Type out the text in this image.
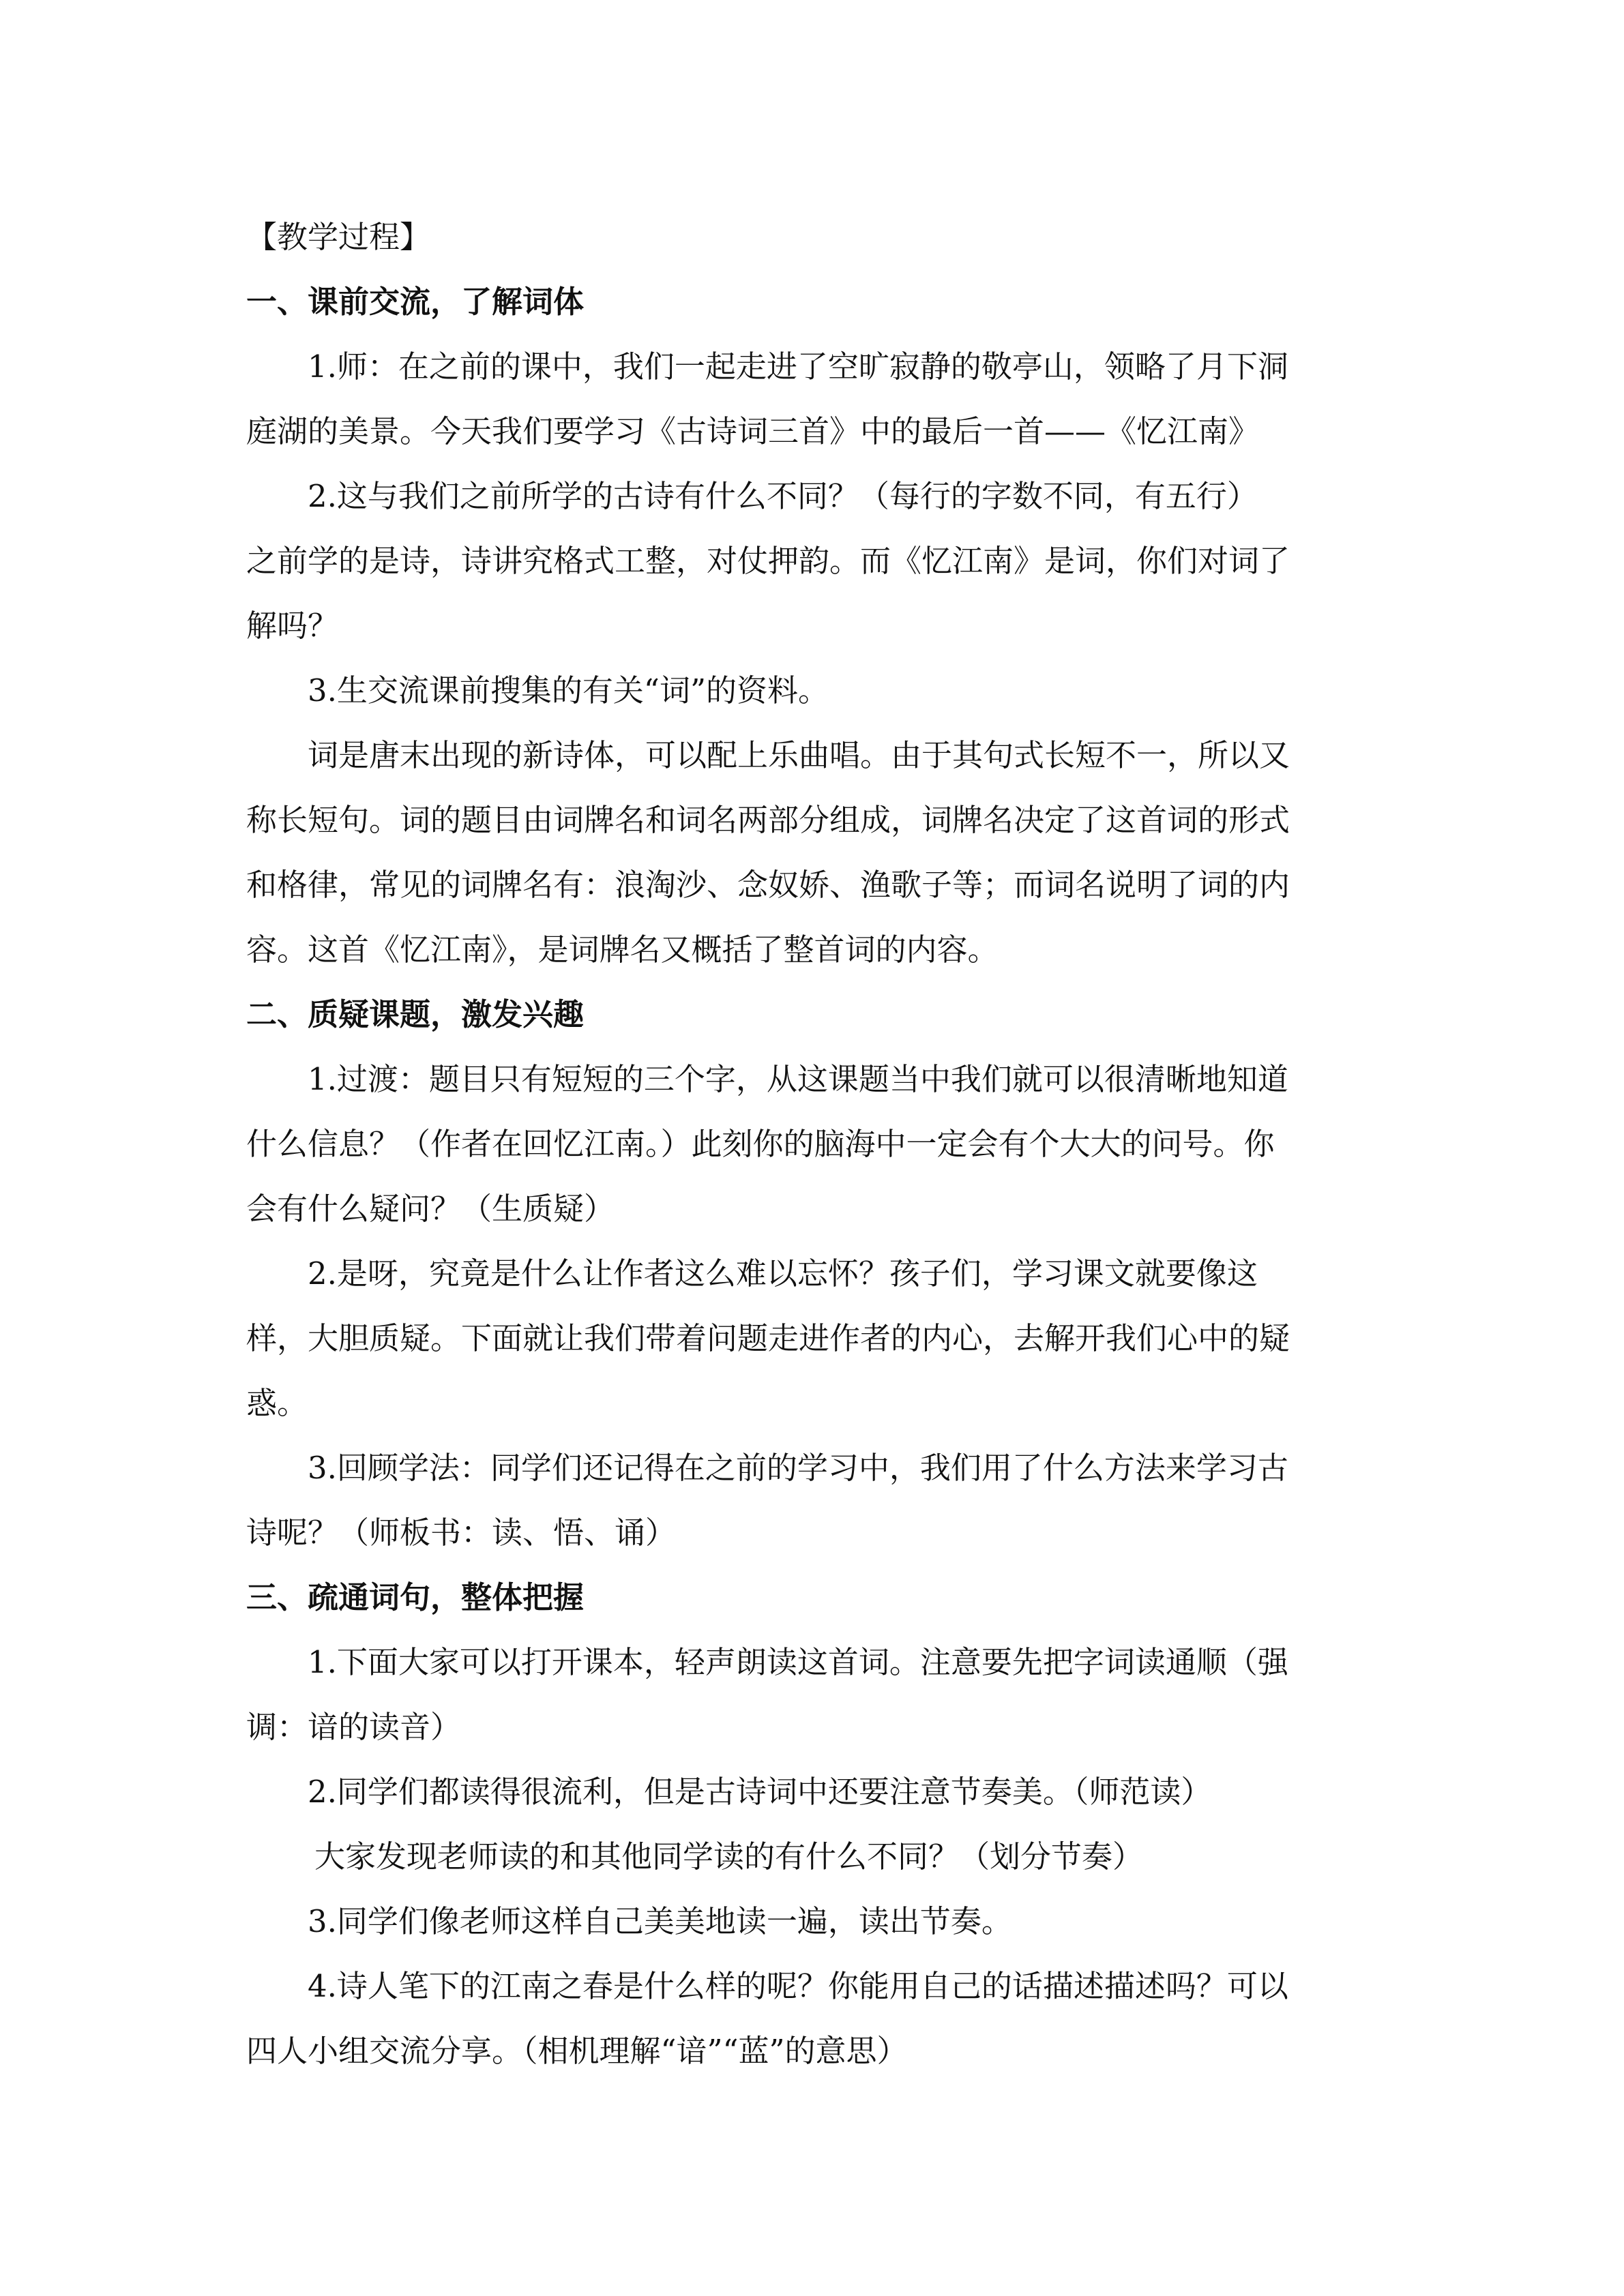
【教学过程】
一、课前交流，了解词体
1.师：在之前的课中，我们一起走进了空旷寂静的敬亭山，领略了月下洞
庭湖的美景。今天我们要学习《古诗词三首》中的最后一首——《忆江南》
2.这与我们之前所学的古诗有什么不同？（每行的字数不同，有五行）
之前学的是诗，诗讲究格式工整，对仗押韵。而《忆江南》是词，你们对词了
解吗？
3.生交流课前搜集的有关“词”的资料。
词是唐末出现的新诗体，可以配上乐曲唱。由于其句式长短不一，所以又
称长短句。词的题目由词牌名和词名两部分组成，词牌名决定了这首词的形式
和格律，常见的词牌名有：浪淘沙、念奴娇、渔歌子等；而词名说明了词的内
容。这首《忆江南》，是词牌名又概括了整首词的内容。
二、质疑课题，激发兴趣
1.过渡：题目只有短短的三个字，从这课题当中我们就可以很清晰地知道
什么信息？（作者在回忆江南。）此刻你的脑海中一定会有个大大的问号。你
会有什么疑问？（生质疑）
2.是呀，究竟是什么让作者这么难以忘怀？孩子们，学习课文就要像这
样，大胆质疑。下面就让我们带着问题走进作者的内心，去解开我们心中的疑
惑。
3.回顾学法：同学们还记得在之前的学习中，我们用了什么方法来学习古
诗呢？（师板书：读、悟、诵）
三、疏通词句，整体把握
1.下面大家可以打开课本，轻声朗读这首词。注意要先把字词读通顺（强
调：谙的读音）
2.同学们都读得很流利，但是古诗词中还要注意节奏美。（师范读）
大家发现老师读的和其他同学读的有什么不同？（划分节奏）
3.同学们像老师这样自己美美地读一遍，读出节奏。
4.诗人笔下的江南之春是什么样的呢？你能用自己的话描述描述吗？可以
四人小组交流分享。（相机理解“谙”“蓝”的意思）
